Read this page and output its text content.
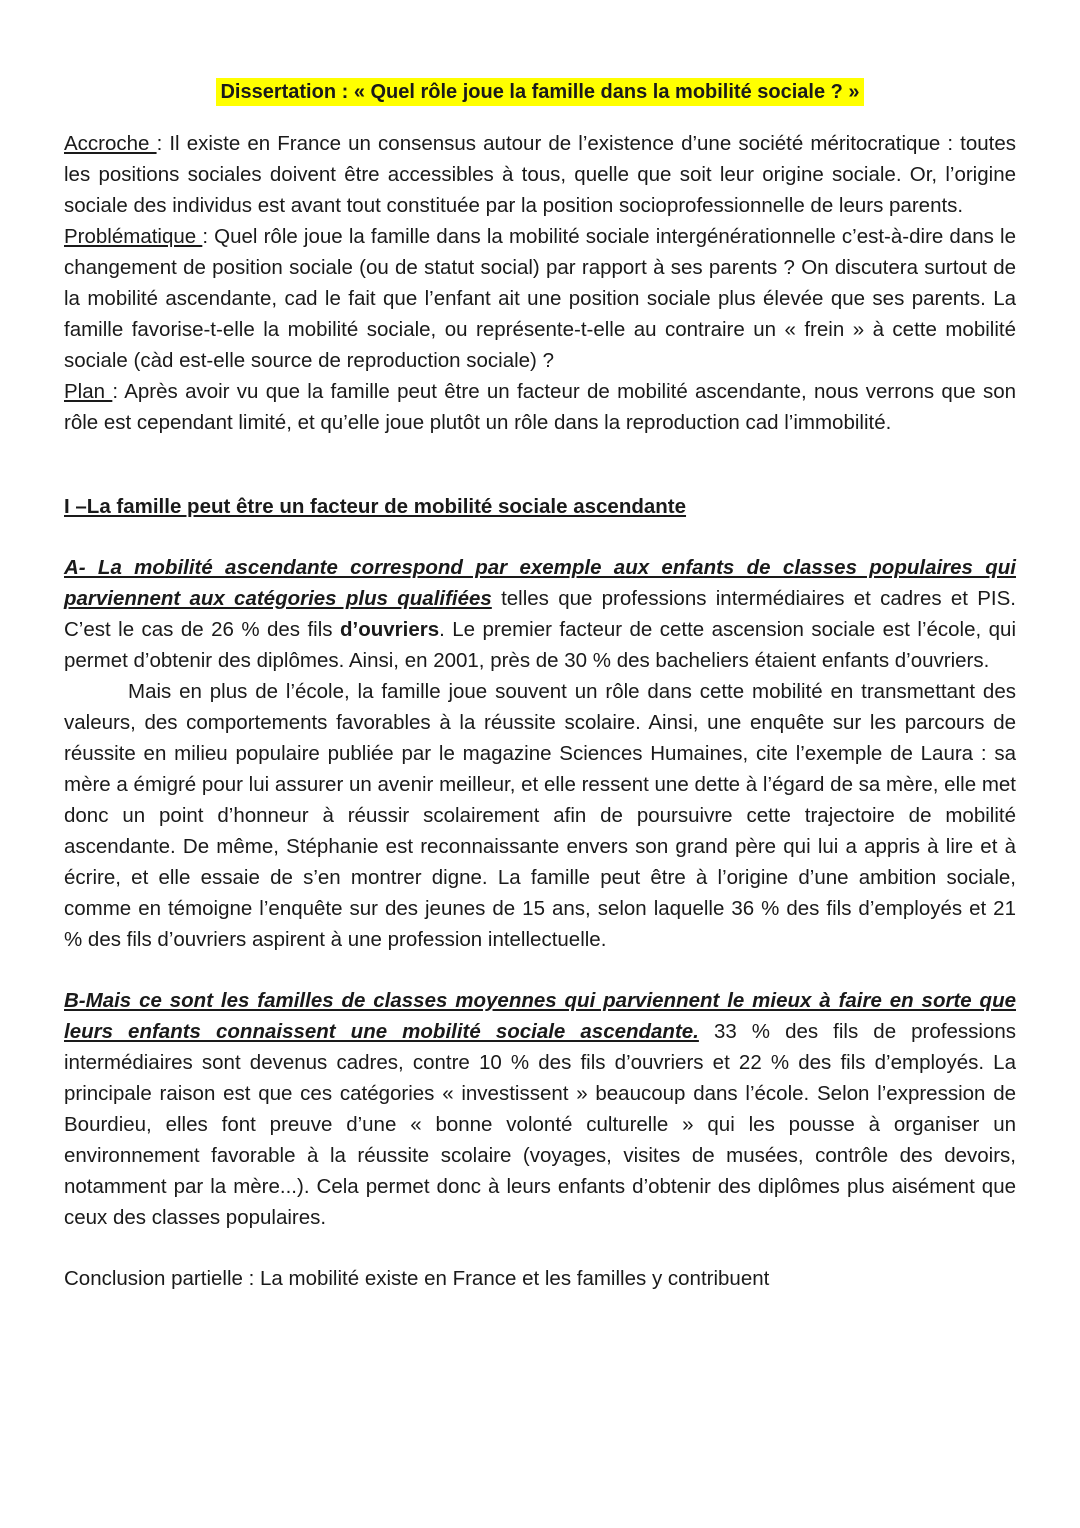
Dissertation : « Quel rôle joue la famille dans la mobilité sociale ? »

Accroche : Il existe en France un consensus autour de l’existence d’une société méritocratique : toutes les positions sociales doivent être accessibles à tous, quelle que soit leur origine sociale. Or, l’origine sociale des individus est avant tout constituée par la position socioprofessionnelle de leurs parents.

Problématique : Quel rôle joue la famille dans la mobilité sociale intergénérationnelle c’est-à-dire dans le changement de position sociale (ou de statut social) par rapport à ses parents ? On discutera surtout de la mobilité ascendante, cad le fait que l’enfant ait une position sociale plus élevée que ses parents. La famille favorise-t-elle la mobilité sociale, ou représente-t-elle au contraire un « frein » à cette mobilité sociale (càd est-elle source de reproduction sociale) ?

Plan : Après avoir vu que la famille peut être un facteur de mobilité ascendante, nous verrons que son rôle est cependant limité, et qu’elle joue plutôt un rôle dans la reproduction cad l’immobilité.

I –La famille peut être un facteur de mobilité sociale ascendante

A- La mobilité ascendante correspond par exemple aux enfants de classes populaires qui parviennent aux catégories plus qualifiées telles que professions intermédiaires et cadres et PIS. C’est le cas de 26 % des fils d’ouvriers. Le premier facteur de cette ascension sociale est l’école, qui permet d’obtenir des diplômes. Ainsi, en 2001, près de 30 % des bacheliers étaient enfants d’ouvriers.

Mais en plus de l’école, la famille joue souvent un rôle dans cette mobilité en transmettant des valeurs, des comportements favorables à la réussite scolaire. Ainsi, une enquête sur les parcours de réussite en milieu populaire publiée par le magazine Sciences Humaines, cite l’exemple de Laura : sa mère a émigré pour lui assurer un avenir meilleur, et elle ressent une dette à l’égard de sa mère, elle met donc un point d’honneur à réussir scolairement afin de poursuivre cette trajectoire de mobilité ascendante. De même, Stéphanie est reconnaissante envers son grand père qui lui a appris à lire et à écrire, et elle essaie de s’en montrer digne. La famille peut être à l’origine d’une ambition sociale, comme en témoigne l’enquête sur des jeunes de 15 ans, selon laquelle 36 % des fils d’employés et 21 % des fils d’ouvriers aspirent à une profession intellectuelle.

B-Mais ce sont les familles de classes moyennes qui parviennent le mieux à faire en sorte que leurs enfants connaissent une mobilité sociale ascendante. 33 % des fils de professions intermédiaires sont devenus cadres, contre 10 % des fils d’ouvriers et 22 % des fils d’employés. La principale raison est que ces catégories « investissent » beaucoup dans l’école. Selon l’expression de Bourdieu, elles font preuve d’une « bonne volonté culturelle » qui les pousse à organiser un environnement favorable à la réussite scolaire (voyages, visites de musées, contrôle des devoirs, notamment par la mère...). Cela permet donc à leurs enfants d’obtenir des diplômes plus aisément que ceux des classes populaires.

Conclusion partielle : La mobilité existe en France et les familles y contribuent
